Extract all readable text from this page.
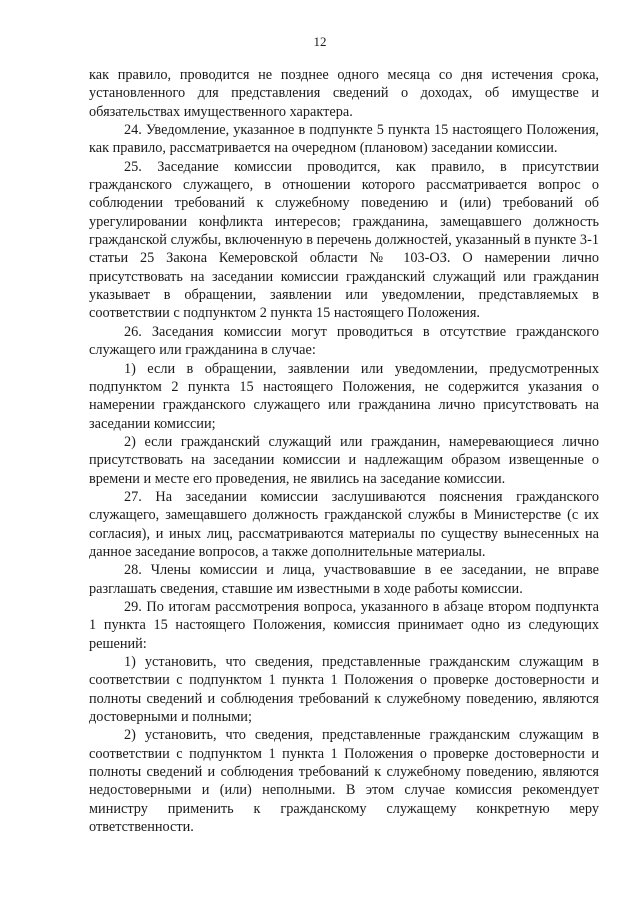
12

как правило, проводится не позднее одного месяца со дня истечения срока, установленного для представления сведений о доходах, об имуществе и обязательствах имущественного характера.

24. Уведомление, указанное в подпункте 5 пункта 15 настоящего Положения, как правило, рассматривается на очередном (плановом) заседании комиссии.

25. Заседание комиссии проводится, как правило, в присутствии гражданского служащего, в отношении которого рассматривается вопрос о соблюдении требований к служебному поведению и (или) требований об урегулировании конфликта интересов; гражданина, замещавшего должность гражданской службы, включенную в перечень должностей, указанный в пункте 3-1 статьи 25 Закона Кемеровской области № 103-ОЗ. О намерении лично присутствовать на заседании комиссии гражданский служащий или гражданин указывает в обращении, заявлении или уведомлении, представляемых в соответствии с подпунктом 2 пункта 15 настоящего Положения.

26. Заседания комиссии могут проводиться в отсутствие гражданского служащего или гражданина в случае:

1) если в обращении, заявлении или уведомлении, предусмотренных подпунктом 2 пункта 15 настоящего Положения, не содержится указания о намерении гражданского служащего или гражданина лично присутствовать на заседании комиссии;

2) если гражданский служащий или гражданин, намеревающиеся лично присутствовать на заседании комиссии и надлежащим образом извещенные о времени и месте его проведения, не явились на заседание комиссии.

27. На заседании комиссии заслушиваются пояснения гражданского служащего, замещавшего должность гражданской службы в Министерстве (с их согласия), и иных лиц, рассматриваются материалы по существу вынесенных на данное заседание вопросов, а также дополнительные материалы.

28. Члены комиссии и лица, участвовавшие в ее заседании, не вправе разглашать сведения, ставшие им известными в ходе работы комиссии.

29. По итогам рассмотрения вопроса, указанного в абзаце втором подпункта 1 пункта 15 настоящего Положения, комиссия принимает одно из следующих решений:

1) установить, что сведения, представленные гражданским служащим в соответствии с подпунктом 1 пункта 1 Положения о проверке достоверности и полноты сведений и соблюдения требований к служебному поведению, являются достоверными и полными;

2) установить, что сведения, представленные гражданским служащим в соответствии с подпунктом 1 пункта 1 Положения о проверке достоверности и полноты сведений и соблюдения требований к служебному поведению, являются недостоверными и (или) неполными. В этом случае комиссия рекомендует министру применить к гражданскому служащему конкретную меру ответственности.
